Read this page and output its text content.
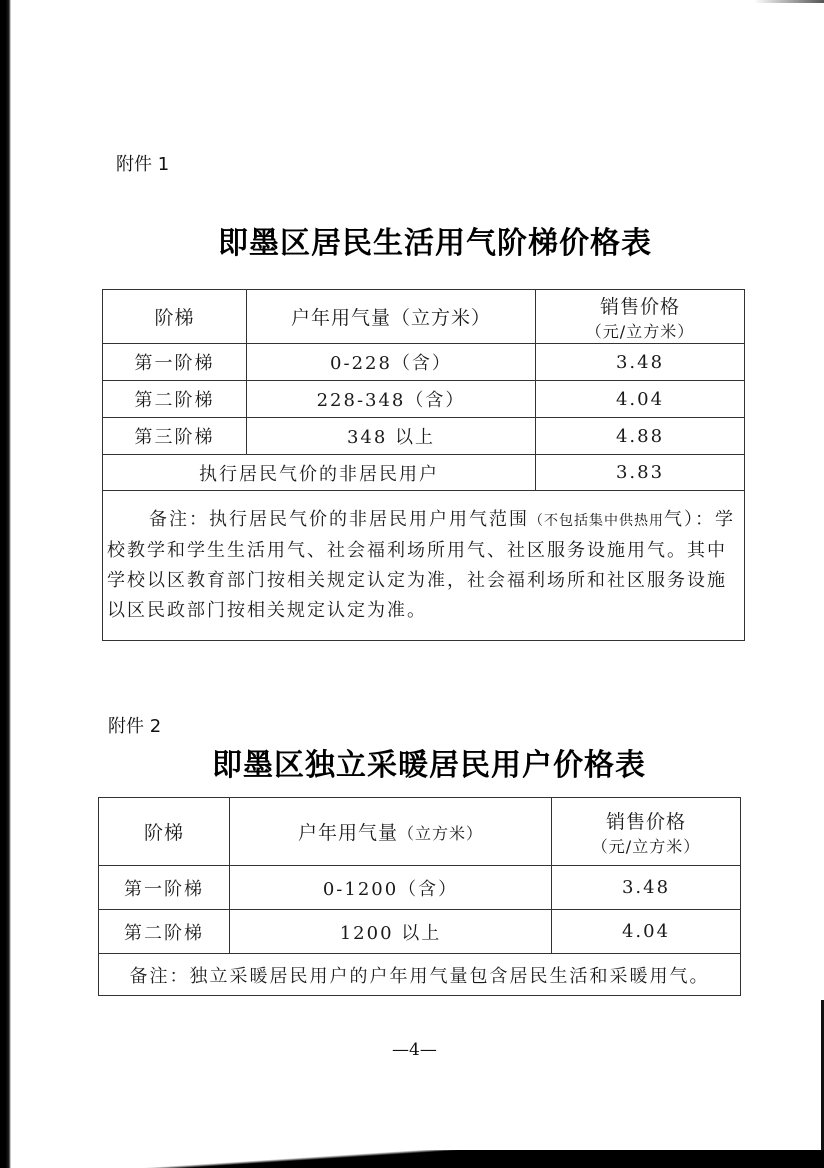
附件 1
即墨区居民生活用气阶梯价格表
阶梯	户年用气量（立方米）	销售价格
（元/立方米）

第一阶梯	0-228（含）	3.48
第二阶梯	228-348（含）	4.04
第三阶梯	348 以上	4.88
执行居民气价的非居民用户		3.83
备注：执行居民气价的非居民用户用气范围（不包括集中供热用气）：学校教学和学生生活用气、社会福利场所用气、社区服务设施用气。其中学校以区教育部门按相关规定认定为准，社会福利场所和社区服务设施以区民政部门按相关规定认定为准。		
附件 2
即墨区独立采暖居民用户价格表
阶梯	户年用气量（立方米）	销售价格
（元/立方米）

第一阶梯	0-1200（含）	3.48
第二阶梯	1200 以上	4.04
备注：独立采暖居民用户的户年用气量包含居民生活和采暖用气。		
—4—
